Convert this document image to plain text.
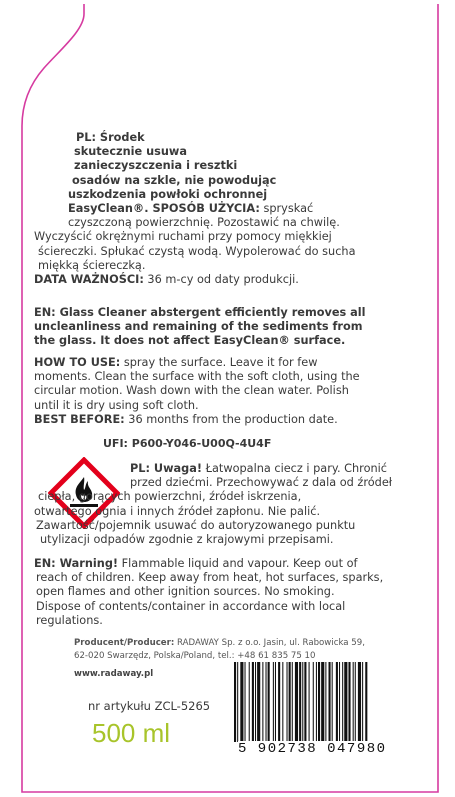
PL: Środek
skutecznie usuwa
zanieczyszczenia i resztki
osadów na szkle, nie powodując
uszkodzenia powłoki ochronnej
EasyClean®. SPOSÓB UŻYCIA: spryskać
czyszczoną powierzchnię. Pozostawić na chwilę.
Wyczyścić okrężnymi ruchami przy pomocy miękkiej
ściereczki. Spłukać czystą wodą. Wypolerować do sucha
miękką ściereczką.
DATA WAŻNOŚCI: 36 m-cy od daty produkcji.
EN: Glass Cleaner abstergent efficiently removes all
uncleanliness and remaining of the sediments from
the glass. It does not affect EasyClean® surface.
HOW TO USE: spray the surface. Leave it for few
moments. Clean the surface with the soft cloth, using the
circular motion. Wash down with the clean water. Polish
until it is dry using soft cloth.
BEST BEFORE: 36 months from the production date.
UFI: P600-Y046-U00Q-4U4F
PL: Uwaga! Łatwopalna ciecz i pary. Chronić
przed dziećmi. Przechowywać z dala od źródeł
ciepła, gorących powierzchni, źródeł iskrzenia,
otwartego ognia i innych źródeł zapłonu. Nie palić.
Zawartość/pojemnik usuwać do autoryzowanego punktu
utylizacji odpadów zgodnie z krajowymi przepisami.
EN: Warning! Flammable liquid and vapour. Keep out of
reach of children. Keep away from heat, hot surfaces, sparks,
open flames and other ignition sources. No smoking.
Dispose of contents/container in accordance with local
regulations.
Producent/Producer: RADAWAY Sp. z o.o. Jasin, ul. Rabowicka 59,
62-020 Swarzędz, Polska/Poland, tel.: +48 61 835 75 10
www.radaway.pl
nr artykułu ZCL-5265
500 ml
5 902738 047980
